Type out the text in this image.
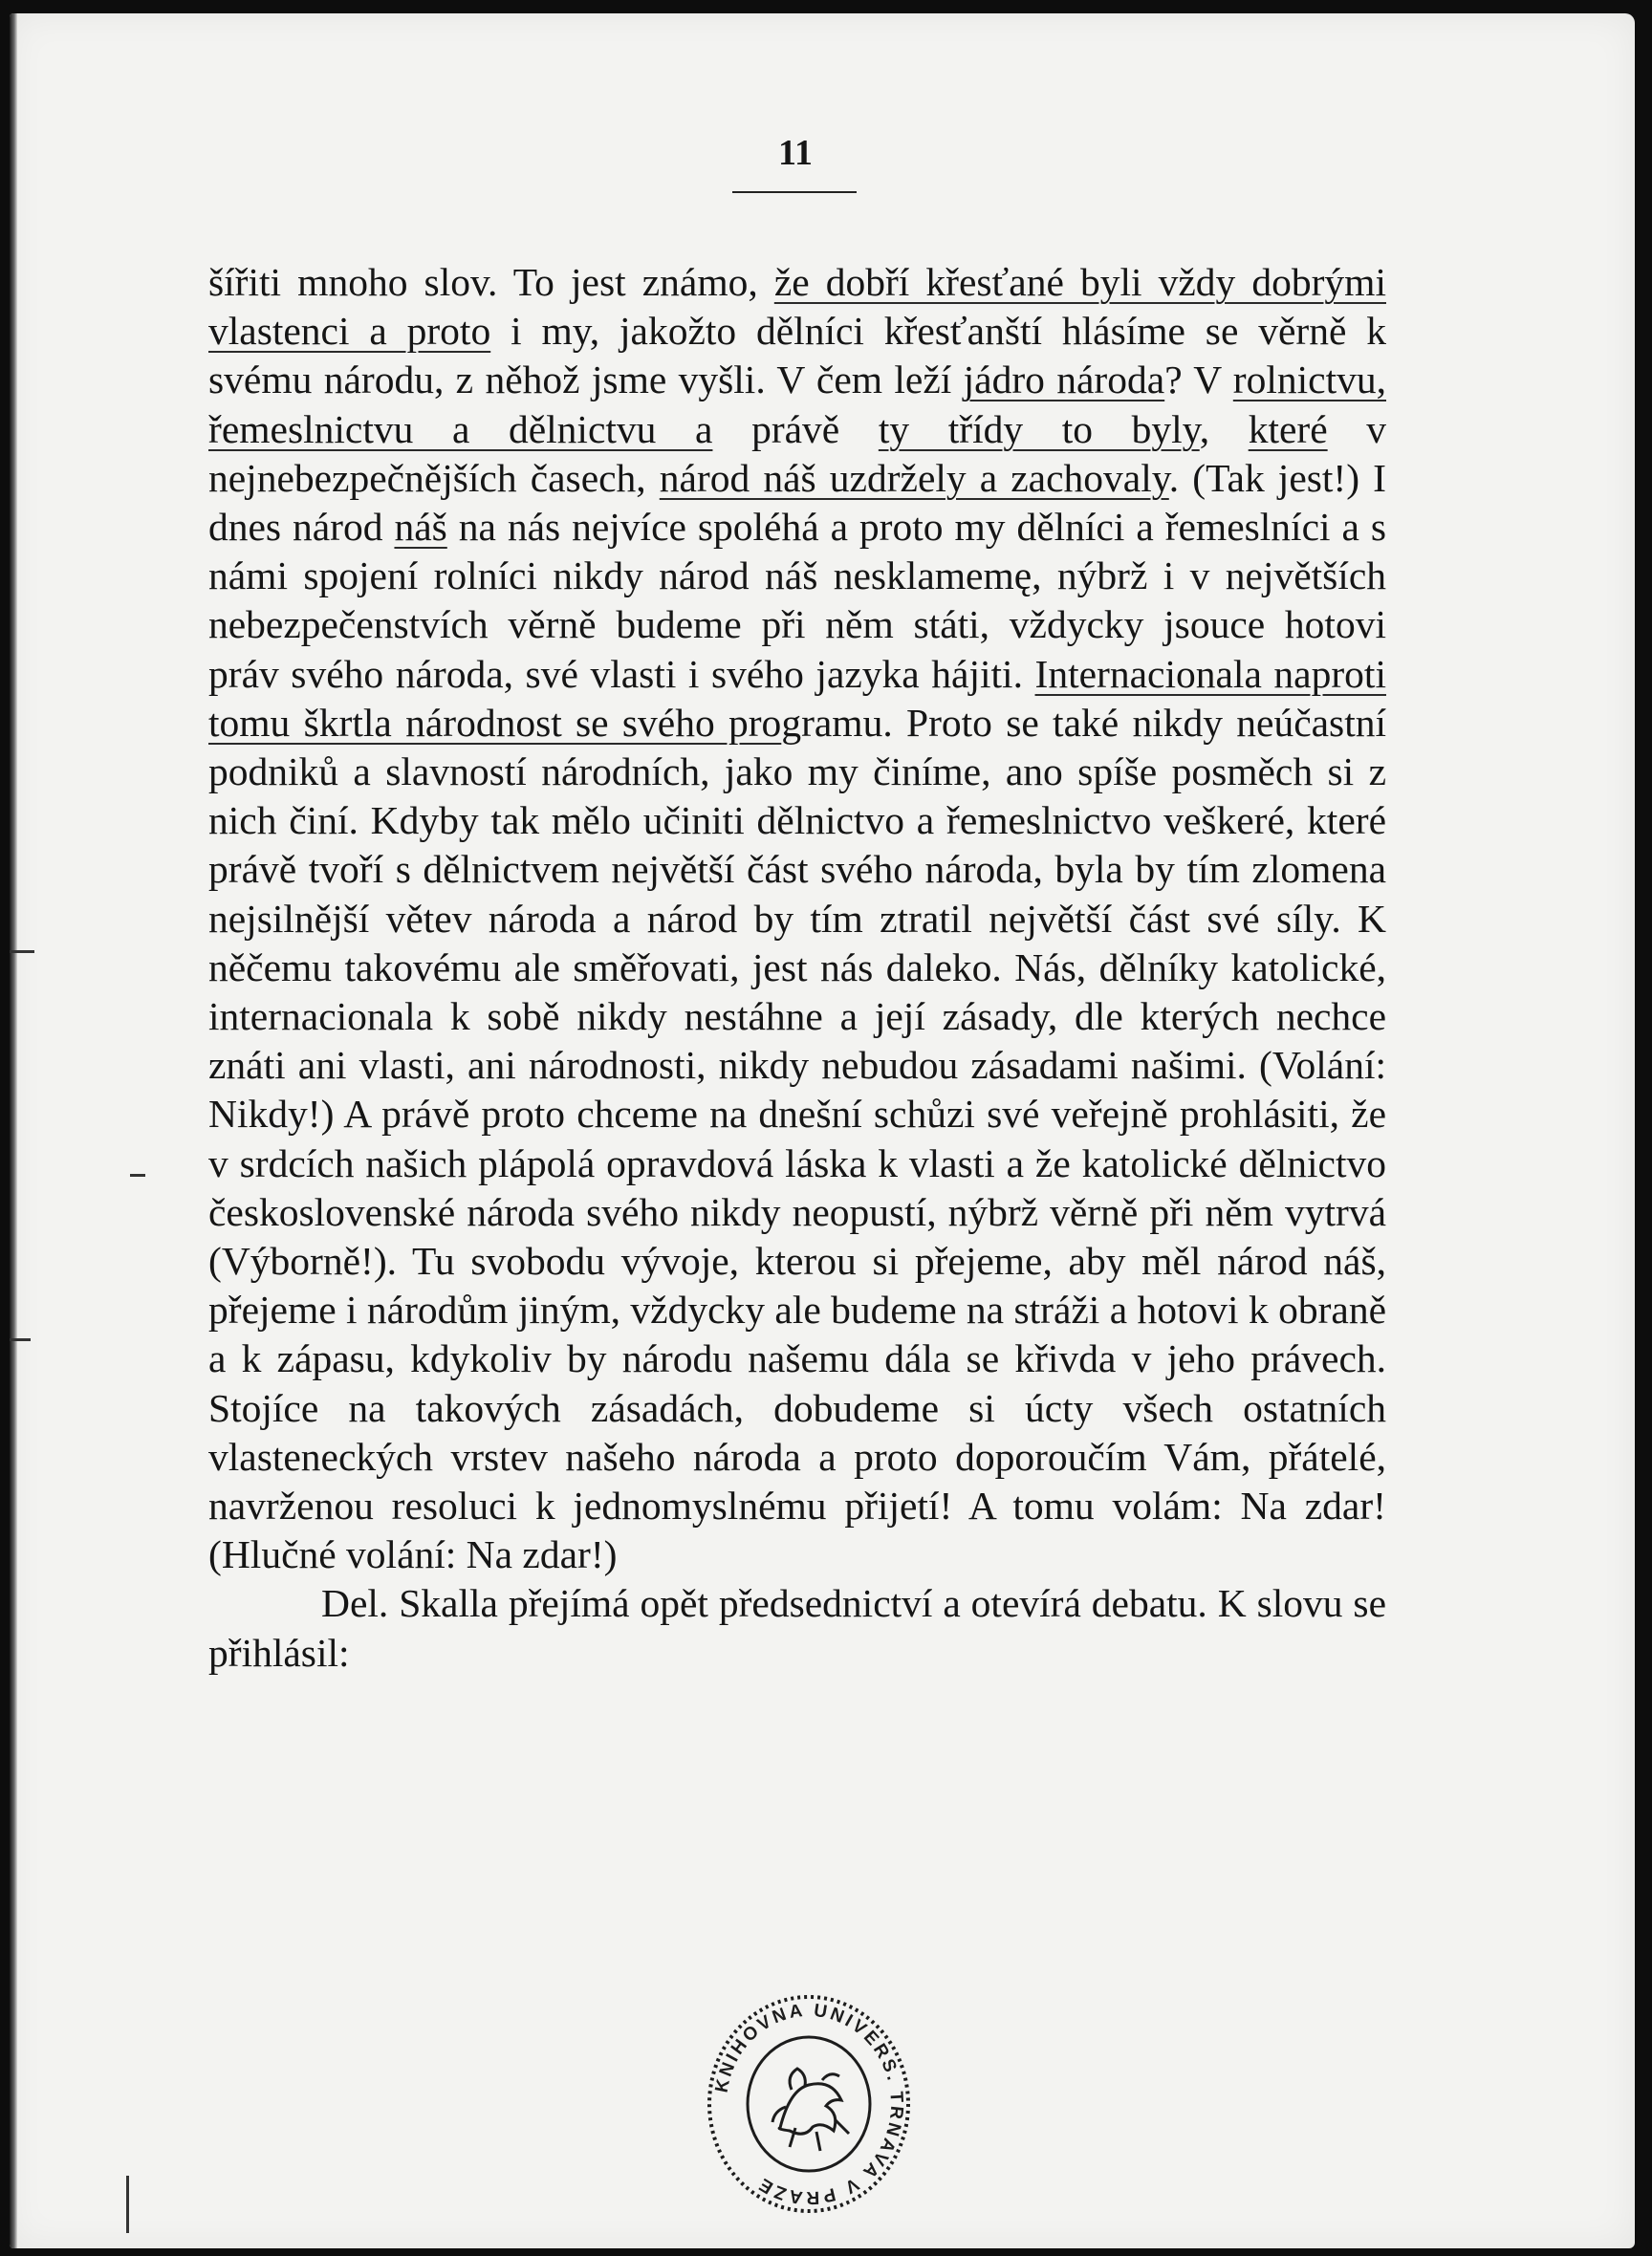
11

šířiti mnoho slov. To jest známo, že dobří křesťané byli vždy dobrými vlastenci a proto i my, jakožto dělníci křesťanští hlásíme se věrně k svému národu, z něhož jsme vyšli. V čem leží jádro národa? V rolnictvu, řemeslnictvu a dělnictvu a právě ty třídy to byly, které v nejnebezpečnějších časech, národ náš uzdržely a zachovaly. (Tak jest!) I dnes národ náš na nás nejvíce spoléhá a proto my dělníci a řemeslníci a s námi spojení rolníci nikdy národ náš nesklamemę, nýbrž i v největších nebezpečenstvích věrně budeme při něm státi, vždycky jsouce hotovi práv svého národa, své vlasti i svého jazyka hájiti. Internacionala naproti tomu škrtla národnost se svého programu. Proto se také nikdy neúčastní podniků a slavností národních, jako my činíme, ano spíše posměch si z nich činí. Kdyby tak mělo učiniti dělnictvo a řemeslnictvo veškeré, které právě tvoří s dělnictvem největší část svého národa, byla by tím zlomena nejsilnější větev národa a národ by tím ztratil největší část své síly. K něčemu takovému ale směřovati, jest nás daleko. Nás, dělníky katolické, internacionala k sobě nikdy nestáhne a její zásady, dle kterých nechce znáti ani vlasti, ani národnosti, nikdy nebudou zásadami našimi. (Volání: Nikdy!) A právě proto chceme na dnešní schůzi své veřejně prohlásiti, že v srdcích našich plápolá opravdová láska k vlasti a že katolické dělnictvo československé národa svého nikdy neopustí, nýbrž věrně při něm vytrvá (Výborně!). Tu svobodu vývoje, kterou si přejeme, aby měl národ náš, přejeme i národům jiným, vždycky ale budeme na stráži a hotovi k obraně a k zápasu, kdykoliv by národu našemu dála se křivda v jeho právech. Stojíce na takových zásadách, dobudeme si úcty všech ostatních vlasteneckých vrstev našeho národa a proto doporoučím Vám, přátelé, navrženou resoluci k jednomyslnému přijetí! A tomu volám: Na zdar! (Hlučné volání: Na zdar!)

Del. Skalla přejímá opět předsednictví a otevírá debatu. K slovu se přihlásil:

KNIHOVNA UNIVERS. TRNAVA V PRAZE
